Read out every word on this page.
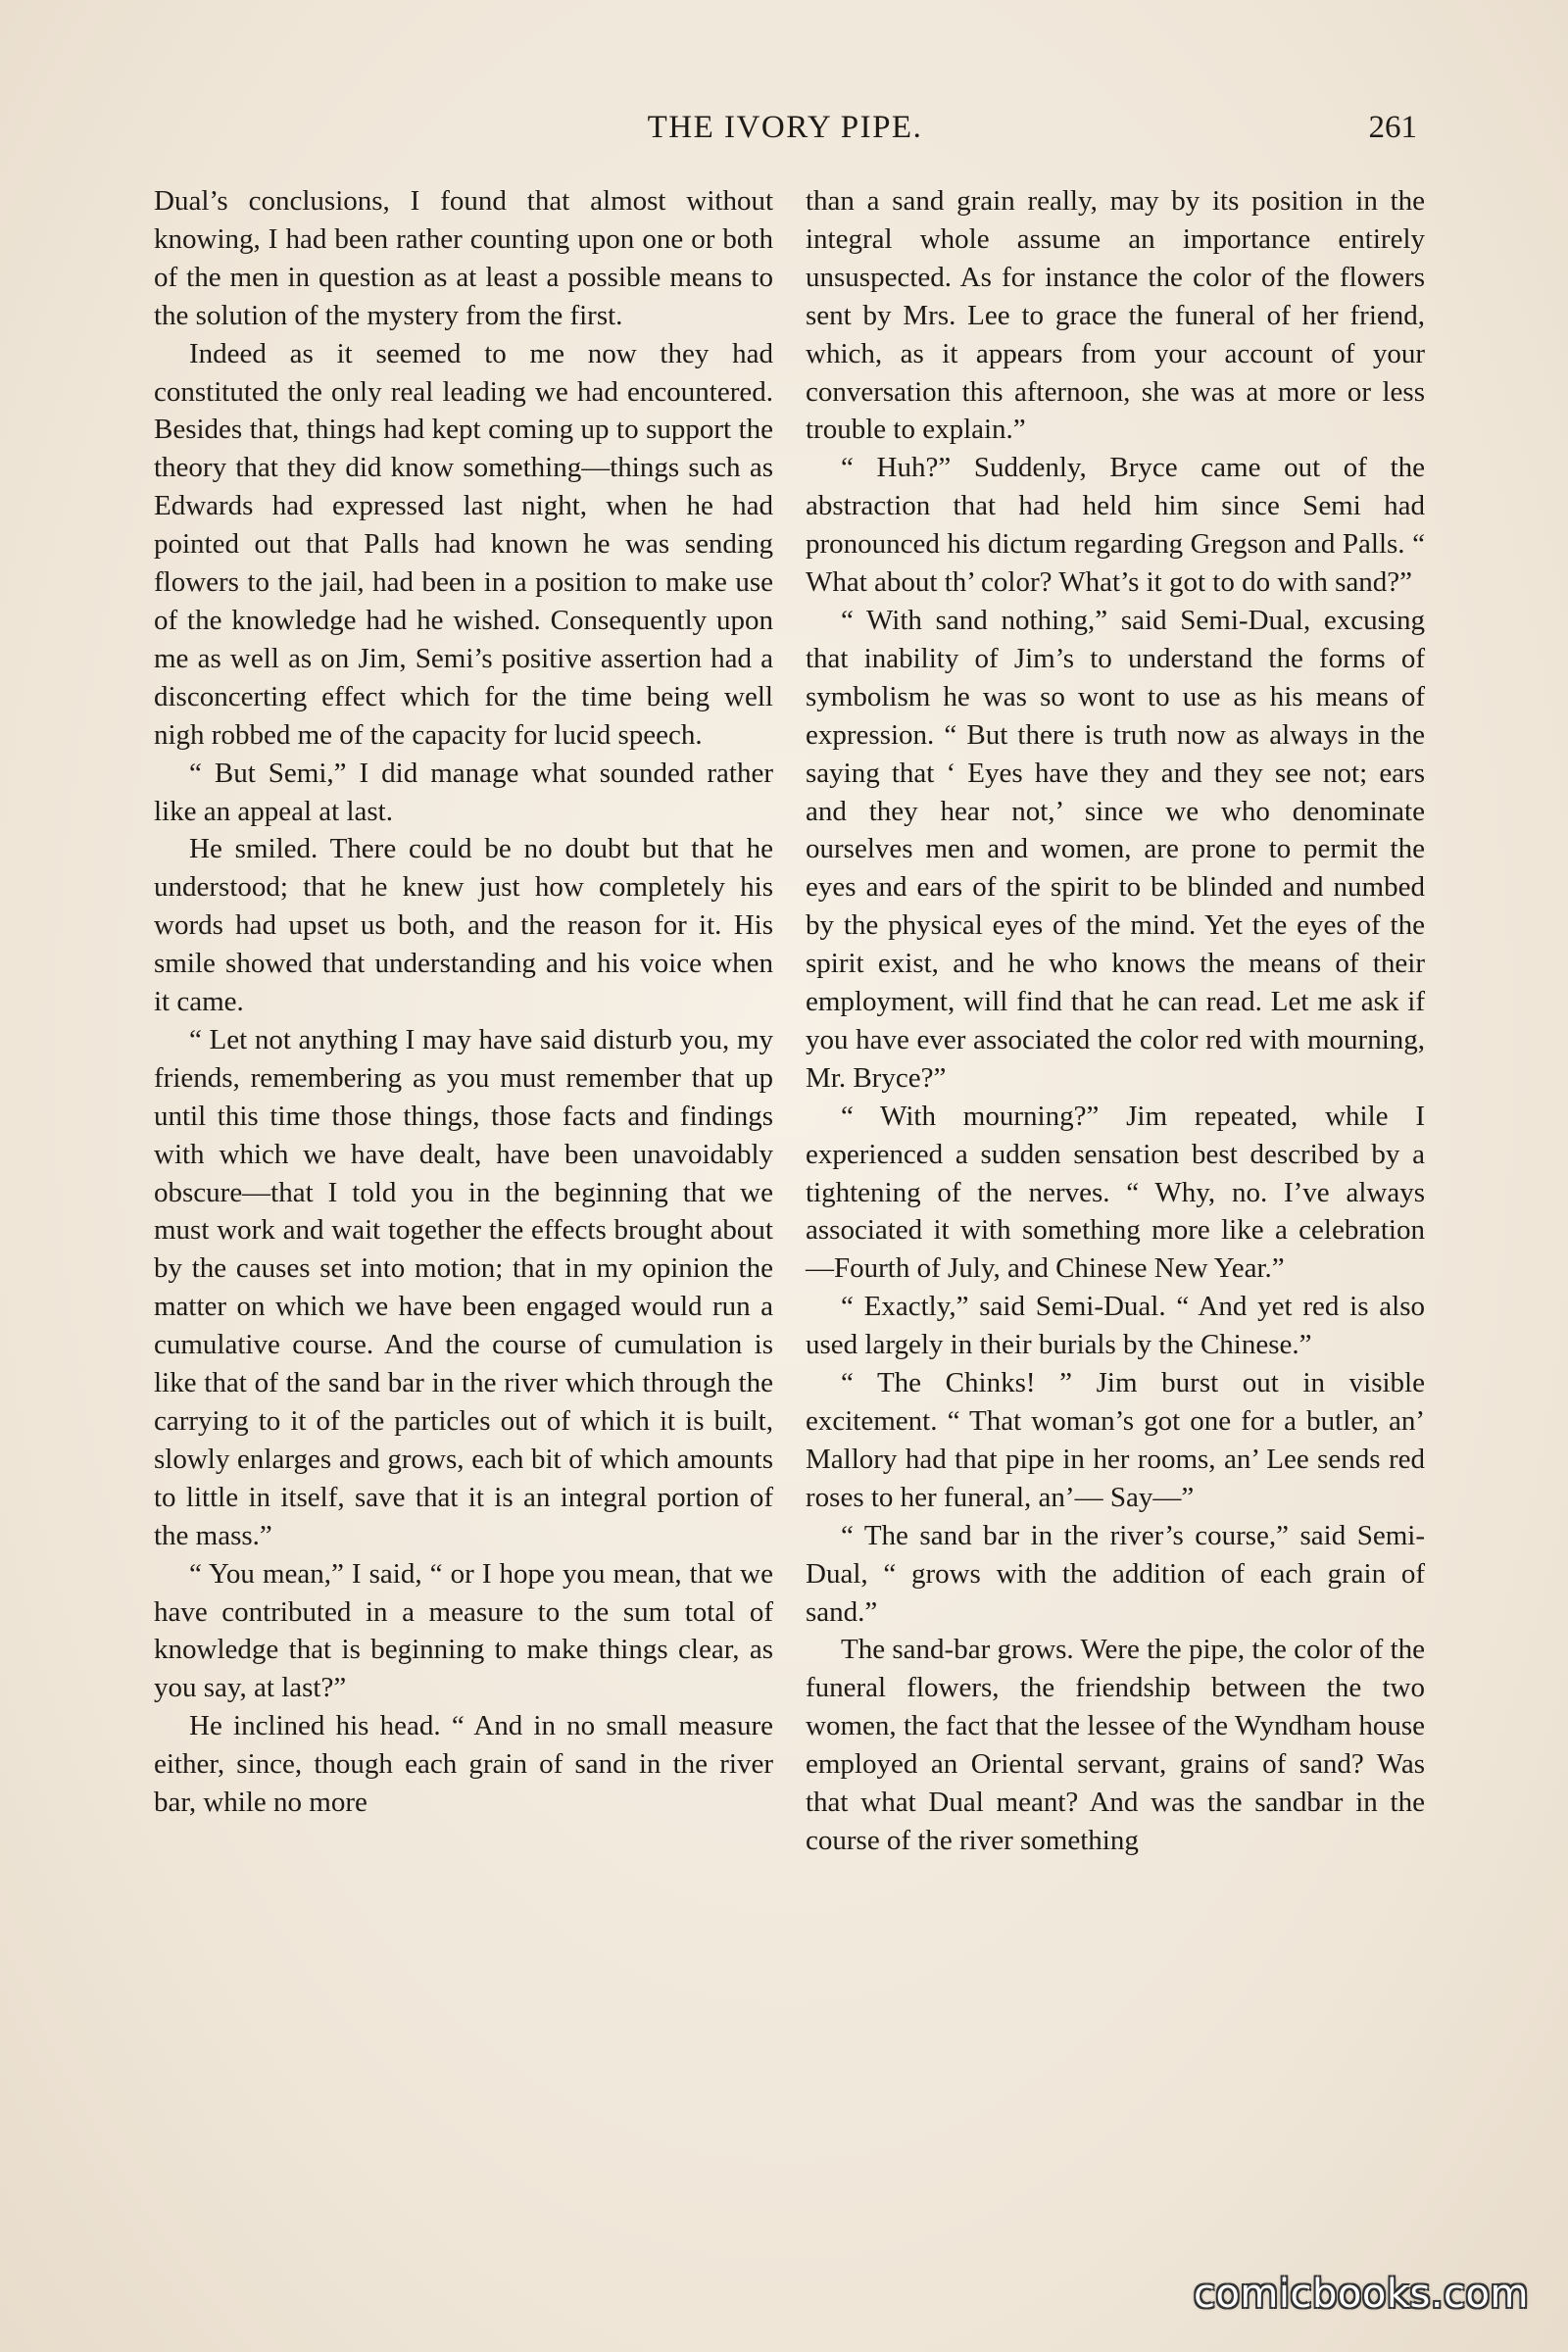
THE IVORY PIPE.	261

Dual’s conclusions, I found that almost without knowing, I had been rather counting upon one or both of the men in question as at least a possible means to the solution of the mystery from the first.

Indeed as it seemed to me now they had constituted the only real leading we had encountered. Besides that, things had kept coming up to support the theory that they did know something—things such as Edwards had expressed last night, when he had pointed out that Palls had known he was sending flowers to the jail, had been in a position to make use of the knowledge had he wished. Consequently upon me as well as on Jim, Semi’s positive assertion had a disconcerting effect which for the time being well nigh robbed me of the capacity for lucid speech.

“ But Semi,” I did manage what sounded rather like an appeal at last.

He smiled. There could be no doubt but that he understood; that he knew just how completely his words had upset us both, and the reason for it. His smile showed that understanding and his voice when it came.

“ Let not anything I may have said disturb you, my friends, remembering as you must remember that up until this time those things, those facts and findings with which we have dealt, have been unavoidably obscure—that I told you in the beginning that we must work and wait together the effects brought about by the causes set into motion; that in my opinion the matter on which we have been engaged would run a cumulative course. And the course of cumulation is like that of the sand bar in the river which through the carrying to it of the particles out of which it is built, slowly enlarges and grows, each bit of which amounts to little in itself, save that it is an integral portion of the mass.”

“ You mean,” I said, “ or I hope you mean, that we have contributed in a measure to the sum total of knowledge that is beginning to make things clear, as you say, at last?”

He inclined his head. “ And in no small measure either, since, though each grain of sand in the river bar, while no more

than a sand grain really, may by its position in the integral whole assume an importance entirely unsuspected. As for instance the color of the flowers sent by Mrs. Lee to grace the funeral of her friend, which, as it appears from your account of your conversation this afternoon, she was at more or less trouble to explain.”

“ Huh?” Suddenly, Bryce came out of the abstraction that had held him since Semi had pronounced his dictum regarding Gregson and Palls. “ What about th’ color? What’s it got to do with sand?”

“ With sand nothing,” said Semi-Dual, excusing that inability of Jim’s to understand the forms of symbolism he was so wont to use as his means of expression. “ But there is truth now as always in the saying that ‘ Eyes have they and they see not; ears and they hear not,’ since we who denominate ourselves men and women, are prone to permit the eyes and ears of the spirit to be blinded and numbed by the physical eyes of the mind. Yet the eyes of the spirit exist, and he who knows the means of their employment, will find that he can read. Let me ask if you have ever associated the color red with mourning, Mr. Bryce?”

“ With mourning?” Jim repeated, while I experienced a sudden sensation best described by a tightening of the nerves. “ Why, no. I’ve always associated it with something more like a celebration—Fourth of July, and Chinese New Year.”

“ Exactly,” said Semi-Dual. “ And yet red is also used largely in their burials by the Chinese.”

“ The Chinks! ” Jim burst out in visible excitement. “ That woman’s got one for a butler, an’ Mallory had that pipe in her rooms, an’ Lee sends red roses to her funeral, an’— Say—”

“ The sand bar in the river’s course,” said Semi-Dual, “ grows with the addition of each grain of sand.”

The sand-bar grows. Were the pipe, the color of the funeral flowers, the friendship between the two women, the fact that the lessee of the Wyndham house employed an Oriental servant, grains of sand? Was that what Dual meant? And was the sandbar in the course of the river something

comicbooks.com
